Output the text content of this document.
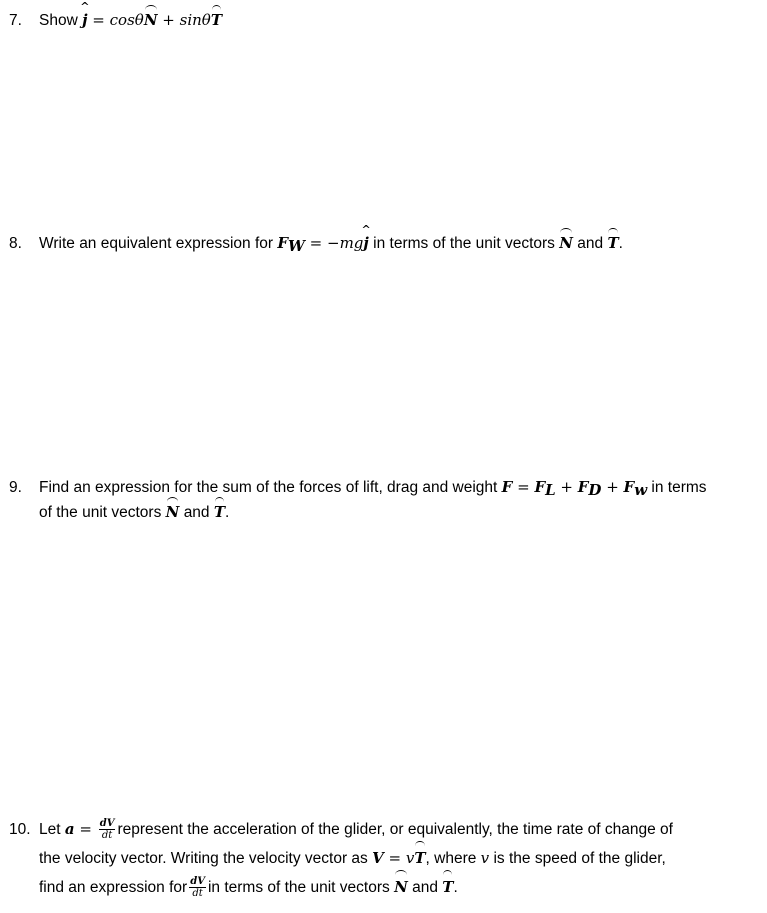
7. Show j
^
= cosθN + sinθT
8. Write an equivalent expression for $F_W = -mgj$
^
in terms of the unit vectors N and T.
9. Find an expression for the sum of the forces of lift, drag and weight $F = F_L + F_D + F_w$ in terms
of the unit vectors N and T.
10. Let $a = \frac{dV}{dt}$ represent the acceleration of the glider, or equivalently, the time rate of change of
the velocity vector. Writing the velocity vector as V = vT, where v is the speed of the glider,
find an expression for $\frac{dV}{dt}$ in terms of the unit vectors N and T.
